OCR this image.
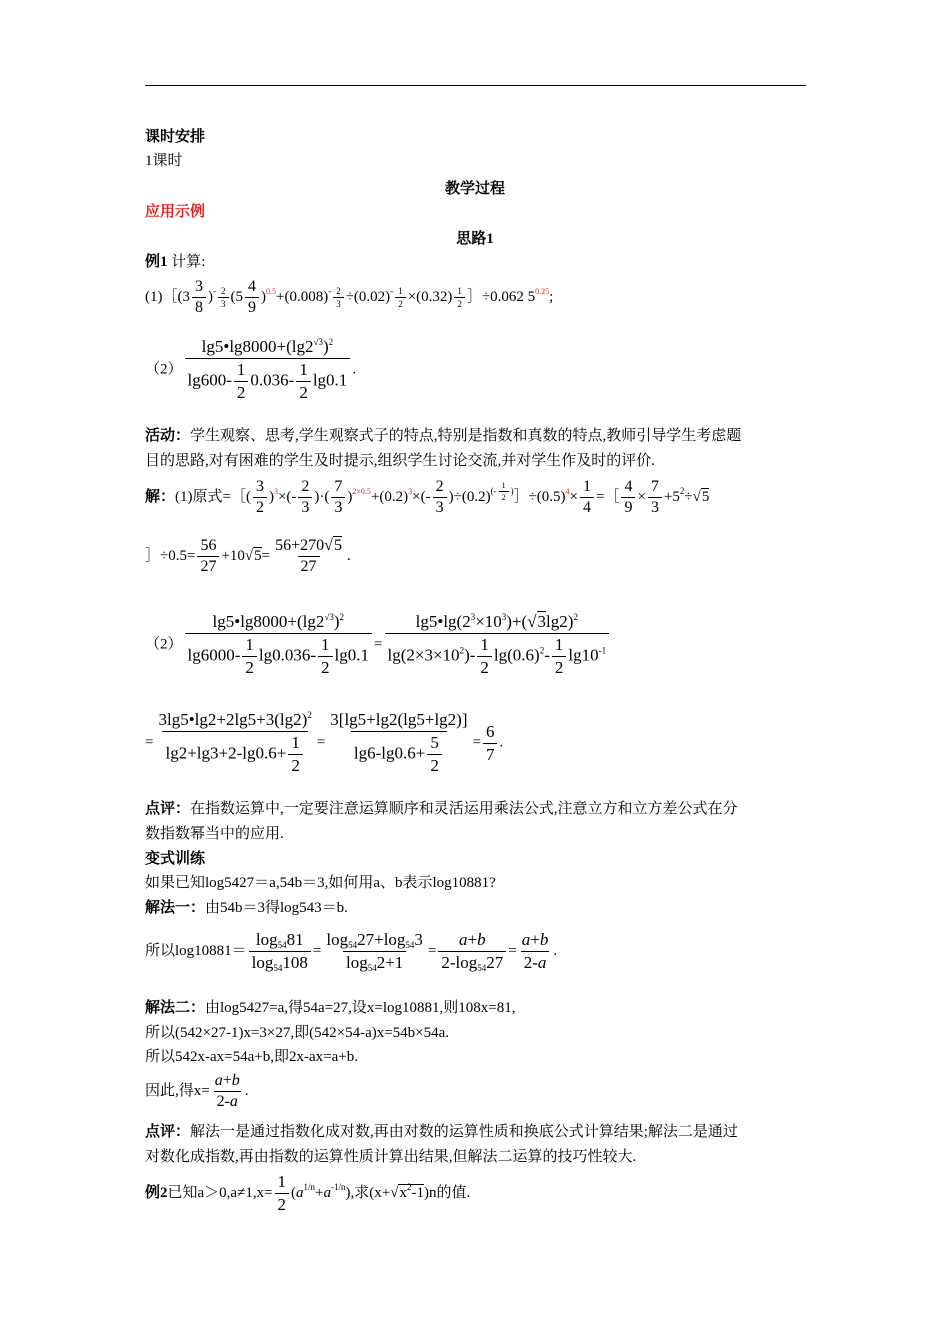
课时安排
1课时
教学过程
应用示例
思路1
例1 计算:
(1)［(3 $\frac{3}{8} )^- \frac{2}{3} (5 \frac{4}{9} )^{0.5}+(0.008)^- \frac{2}{3} \div(0.02)^- \frac{1}{2} \times(0.32) \frac{1}{2}$ ］÷0.062 $5^{0.25}$;
$(2) \frac{\lg 5•\lg 8000+(\lg 2^{√3})^2}{\lg 600- \frac{1}{2} 0.036- \frac{1}{2} \lg 0.1}$ .
活动：学生观察、思考,学生观察式子的特点,特别是指数和真数的特点,教师引导学生考虑题
目的思路,对有困难的学生及时提示,组织学生讨论交流,并对学生作及时的评价.
解：(1)原式=［( $\frac{3}{2} )^3\times(- \frac{2}{3}$ )·( $\frac{7}{3} )^{2\times 0.5}+(0.2)^3\times(- \frac{2}{3}$ )$\div(0.2)^{(- \frac{1}{2} )}]\div(0.5)^4\times \frac{1}{4}$ =［ $\frac{4}{9} \times \frac{7}{3} +5^2\div√5$
］÷0.5= $\frac{56}{27} +10√5= \frac{56+270√5}{27}$ .
$(2) \frac{\lg 5•\lg 8000+(\lg 2^{√3})^2}{\lg 6000- \frac{1}{2} \lg 0.036- \frac{1}{2} \lg 0.1} = \frac{\lg 5•\lg(2^3\times 10^3)+(√3\lg 2)^2}{\lg(2\times 3\times 10^2)- \frac{1}{2} \lg(0.6)^2- \frac{1}{2} \lg 10^{-1}}$
= $\frac{3\lg 5•\lg 2+2\lg 5+3(\lg 2)^2}{\lg 2+\lg 3+2-\lg 0.6+ \frac{1}{2}} = \frac{3[\lg 5+\lg 2(\lg 5+\lg 2)]}{\lg 6-\lg 0.6+ \frac{5}{2}} = \frac{6}{7}$ .
点评：在指数运算中,一定要注意运算顺序和灵活运用乘法公式,注意立方和立方差公式在分
数指数幂当中的应用.
变式训练
如果已知log5427＝a,54b＝3,如何用a、b表示log10881?
解法一：由54b＝3得log543＝b.
所以$\log 10881= \frac{\log_{54}81}{\log_{54}108} = \frac{\log_{54}27+\log_{54}3}{\log_{54}2+1} = \frac{a+b}{2-\log_{54}27} = \frac{a+b}{2-a}$ .
解法二：由log5427=a,得54a=27,设x=log10881,则108x=81,
所以(542×27-1)x=3×27,即(542×54-a)x=54b×54a.
所以542x-ax=54a+b,即2x-ax=a+b.
因此,得$x= \frac{a+b}{2-a}$ .
点评：解法一是通过指数化成对数,再由对数的运算性质和换底公式计算结果;解法二是通过
对数化成指数,再由指数的运算性质计算出结果,但解法二运算的技巧性较大.
例2已知$a>0,a\ne 1,x= \frac{1}{2} (a^{1/n}+a^{-1/n})$,求$(x+√x^2-1)n$的值.
